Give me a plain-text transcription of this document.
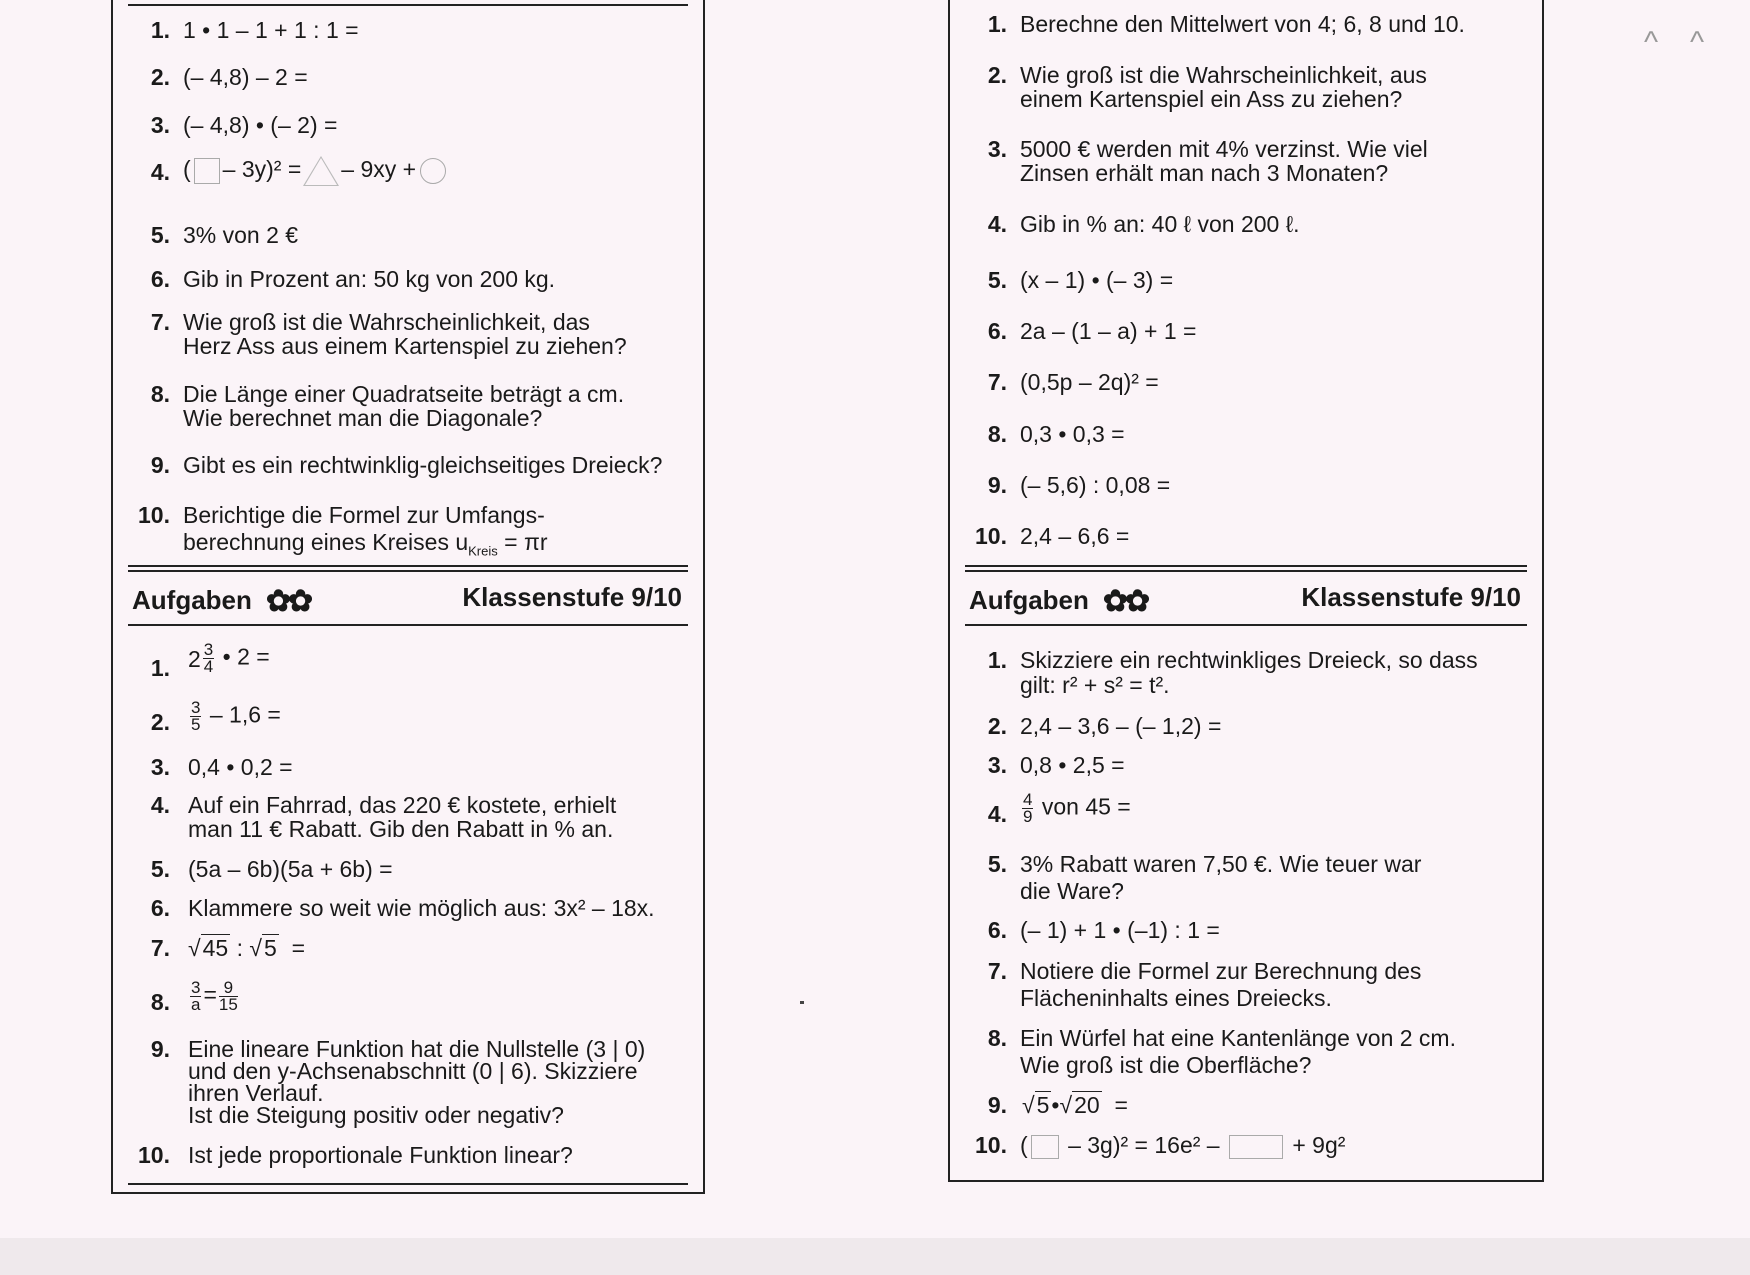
1. 1 • 1 – 1 + 1 : 1 =
2. (– 4,8) – 2 =
3. (– 4,8) • (– 2) =
4. ( – 3y)² = – 9xy +
5. 3% von 2 €
6. Gib in Prozent an: 50 kg von 200 kg.
7. Wie groß ist die Wahrscheinlichkeit, das
Herz Ass aus einem Kartenspiel zu ziehen?
8. Die Länge einer Quadratseite beträgt a cm.
Wie berechnet man die Diagonale?
9. Gibt es ein rechtwinklig-gleichseitiges Dreieck?
10. Berichtige die Formel zur Umfangs-
berechnung eines Kreises $u_{Kreis} = \pi r$
Aufgaben ✿✿	Klassenstufe 9/10
1. $2 \frac{3}{4}$ • 2 =
2. $\frac{3}{5} - 1,6$ =
3. 0,4 • 0,2 =
4. Auf ein Fahrrad, das 220 € kostete, erhielt
man 11 € Rabatt. Gib den Rabatt in % an.
5. (5a – 6b)(5a + 6b) =
6. Klammere so weit wie möglich aus: 3x² – 18x.
7. √45 : √5 =
8. $\frac{3}{a} = \frac{9}{15}$
9. Eine lineare Funktion hat die Nullstelle (3 | 0)
und den y-Achsenabschnitt (0 | 6). Skizziere
ihren Verlauf.
Ist die Steigung positiv oder negativ?
10. Ist jede proportionale Funktion linear?
1. Berechne den Mittelwert von 4; 6, 8 und 10.
2. Wie groß ist die Wahrscheinlichkeit, aus
einem Kartenspiel ein Ass zu ziehen?
3. 5000 € werden mit 4% verzinst. Wie viel
Zinsen erhält man nach 3 Monaten?
4. Gib in % an: 40 ℓ von 200 ℓ.
5. (x – 1) • (– 3) =
6. 2a – (1 – a) + 1 =
7. (0,5p – 2q)² =
8. 0,3 • 0,3 =
9. (– 5,6) : 0,08 =
10. 2,4 – 6,6 =
Aufgaben ✿✿	Klassenstufe 9/10
1. Skizziere ein rechtwinkliges Dreieck, so dass
gilt: r² + s² = t².
2. 2,4 – 3,6 – (– 1,2) =
3. 0,8 • 2,5 =
4. $\frac{4}{9}$ von 45 =
5. 3% Rabatt waren 7,50 €. Wie teuer war
die Ware?
6. (– 1) + 1 • (–1) : 1 =
7. Notiere die Formel zur Berechnung des
Flächeninhalts eines Dreiecks.
8. Ein Würfel hat eine Kantenlänge von 2 cm.
Wie groß ist die Oberfläche?
9. √5•√20 =
10. ( – 3g)² = 16e² –	+ 9g²
^ ^
